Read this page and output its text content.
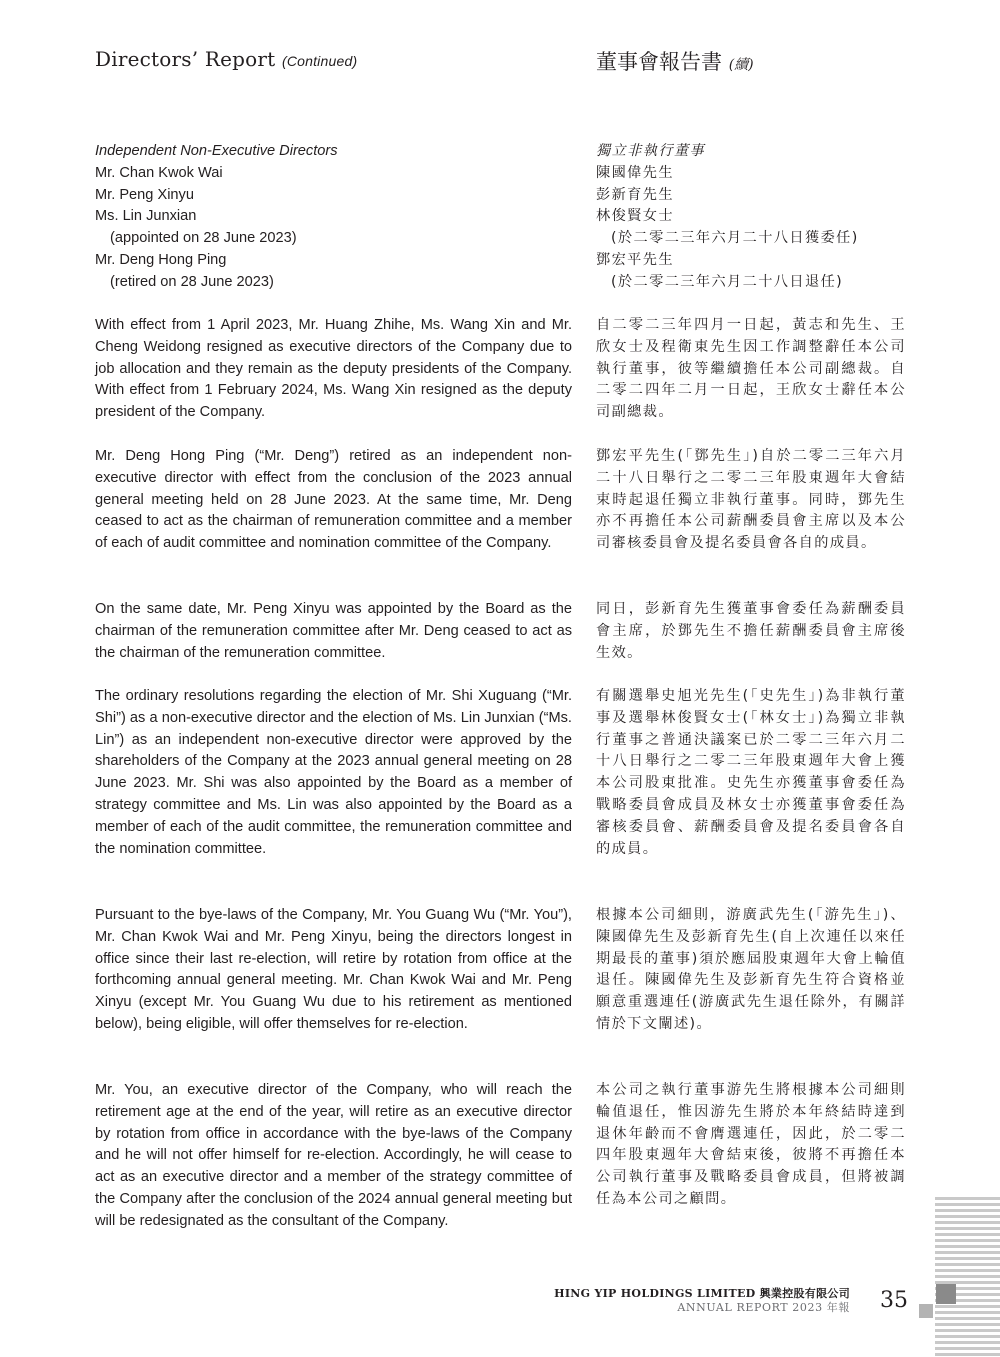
Directors’ Report (Continued)	董事會報告書 (續)

Independent Non-Executive Directors

Mr. Chan Kwok Wai

Mr. Peng Xinyu

Ms. Lin Junxian

(appointed on 28 June 2023)

Mr. Deng Hong Ping

(retired on 28 June 2023)

With effect from 1 April 2023, Mr. Huang Zhihe, Ms. Wang Xin and Mr. Cheng Weidong resigned as executive directors of the Company due to job allocation and they remain as the deputy presidents of the Company. With effect from 1 February 2024, Ms. Wang Xin resigned as the deputy president of the Company.

Mr. Deng Hong Ping (“Mr. Deng”) retired as an independent non-executive director with effect from the conclusion of the 2023 annual general meeting held on 28 June 2023. At the same time, Mr. Deng ceased to act as the chairman of remuneration committee and a member of each of audit committee and nomination committee of the Company.

On the same date, Mr. Peng Xinyu was appointed by the Board as the chairman of the remuneration committee after Mr. Deng ceased to act as the chairman of the remuneration committee.

The ordinary resolutions regarding the election of Mr. Shi Xuguang (“Mr. Shi”) as a non-executive director and the election of Ms. Lin Junxian (“Ms. Lin”) as an independent non-executive director were approved by the shareholders of the Company at the 2023 annual general meeting on 28 June 2023. Mr. Shi was also appointed by the Board as a member of strategy committee and Ms. Lin was also appointed by the Board as a member of each of the audit committee, the remuneration committee and the nomination committee.

Pursuant to the bye-laws of the Company, Mr. You Guang Wu (“Mr. You”), Mr. Chan Kwok Wai and Mr. Peng Xinyu, being the directors longest in office since their last re-election, will retire by rotation from office at the forthcoming annual general meeting. Mr. Chan Kwok Wai and Mr. Peng Xinyu (except Mr. You Guang Wu due to his retirement as mentioned below), being eligible, will offer themselves for re-election.

Mr. You, an executive director of the Company, who will reach the retirement age at the end of the year, will retire as an executive director by rotation from office in accordance with the bye-laws of the Company and he will not offer himself for re-election. Accordingly, he will cease to act as an executive director and a member of the strategy committee of the Company after the conclusion of the 2024 annual general meeting but will be redesignated as the consultant of the Company.

獨立非執行董事

陳國偉先生

彭新育先生

林俊賢女士

(於二零二三年六月二十八日獲委任)

鄧宏平先生

(於二零二三年六月二十八日退任)

自二零二三年四月一日起，黃志和先生、王欣女士及程衛東先生因工作調整辭任本公司執行董事，彼等繼續擔任本公司副總裁。自二零二四年二月一日起，王欣女士辭任本公司副總裁。

鄧宏平先生(「鄧先生」)自於二零二三年六月二十八日舉行之二零二三年股東週年大會結束時起退任獨立非執行董事。同時，鄧先生亦不再擔任本公司薪酬委員會主席以及本公司審核委員會及提名委員會各自的成員。

同日，彭新育先生獲董事會委任為薪酬委員會主席，於鄧先生不擔任薪酬委員會主席後生效。

有關選舉史旭光先生(「史先生」)為非執行董事及選舉林俊賢女士(「林女士」)為獨立非執行董事之普通決議案已於二零二三年六月二十八日舉行之二零二三年股東週年大會上獲本公司股東批准。史先生亦獲董事會委任為戰略委員會成員及林女士亦獲董事會委任為審核委員會、薪酬委員會及提名委員會各自的成員。

根據本公司細則，游廣武先生(「游先生」)、陳國偉先生及彭新育先生(自上次連任以來任期最長的董事)須於應屆股東週年大會上輪值退任。陳國偉先生及彭新育先生符合資格並願意重選連任(游廣武先生退任除外，有關詳情於下文闡述)。

本公司之執行董事游先生將根據本公司細則輪值退任，惟因游先生將於本年終結時達到退休年齡而不會膺選連任，因此，於二零二四年股東週年大會結束後，彼將不再擔任本公司執行董事及戰略委員會成員，但將被調任為本公司之顧問。

HING YIP HOLDINGS LIMITED 興業控股有限公司
ANNUAL REPORT 2023 年報 35
